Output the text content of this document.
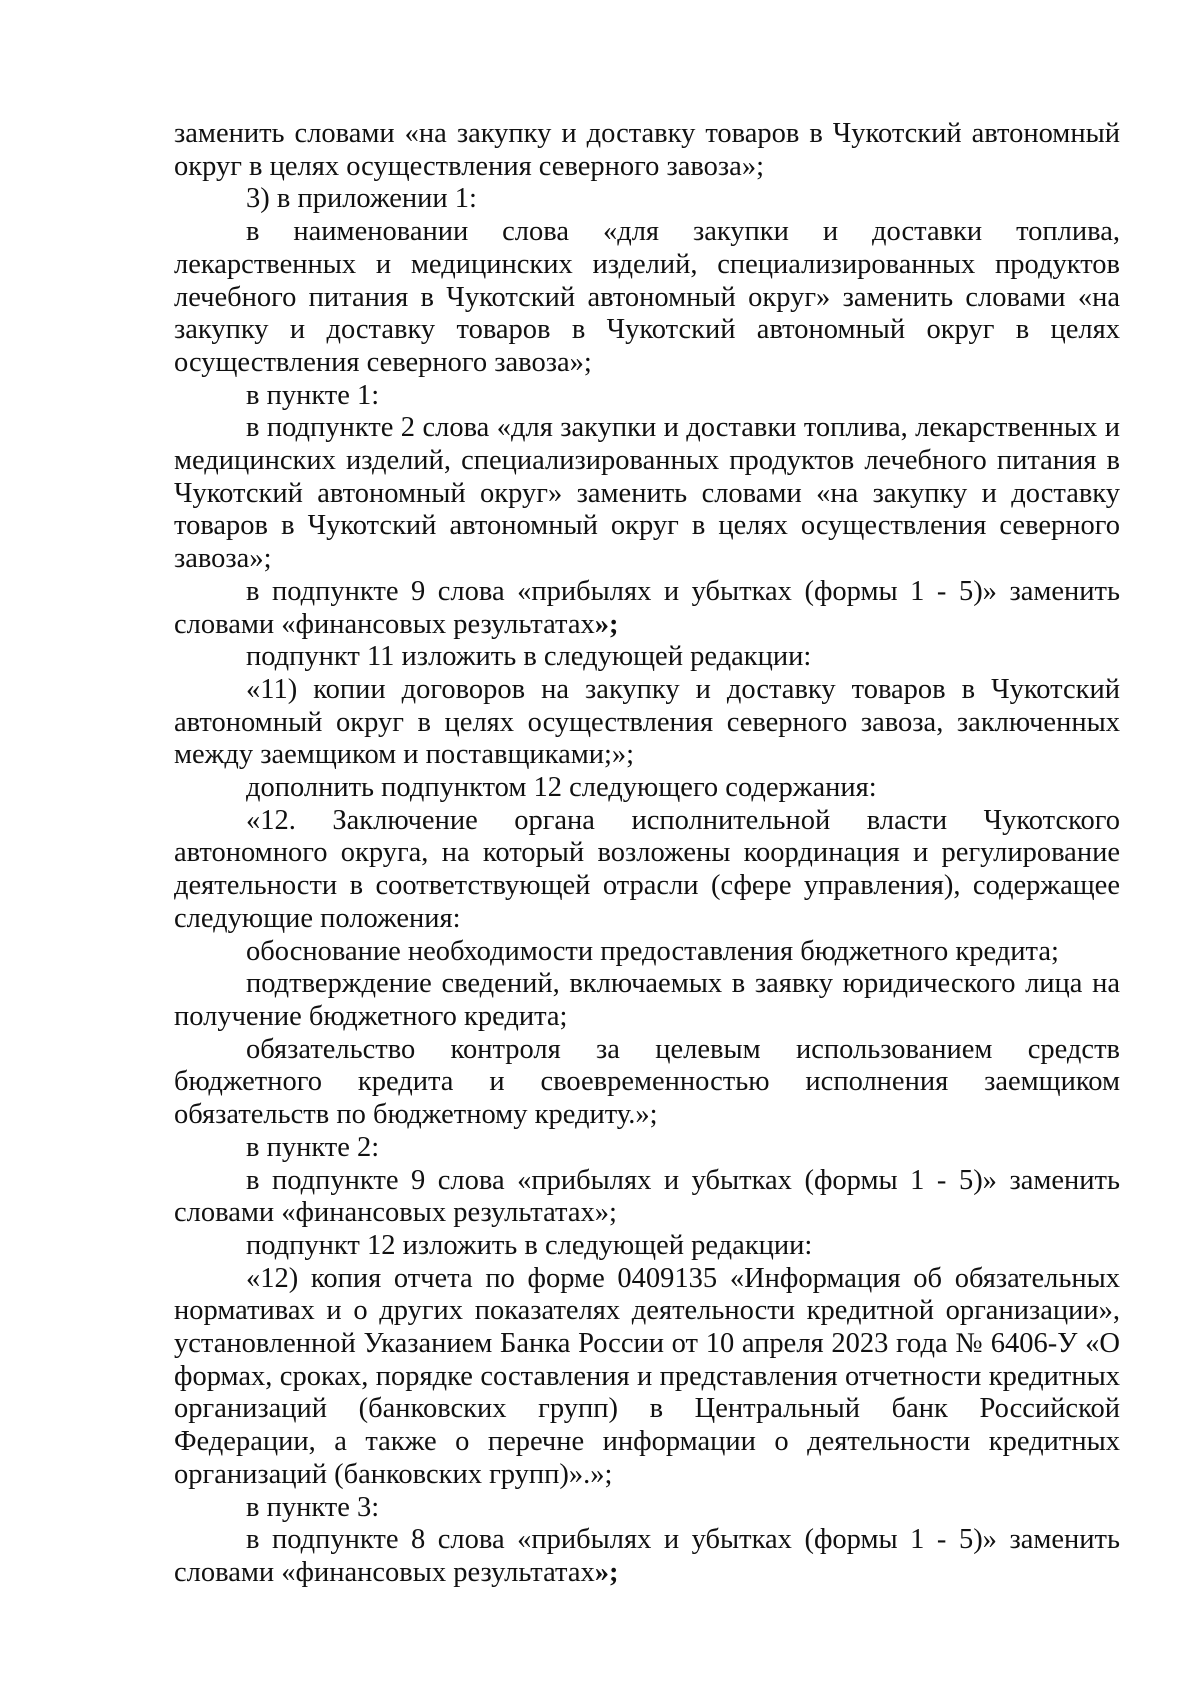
заменить словами «на закупку и доставку товаров в Чукотский автономный округ в целях осуществления северного завоза»;

3) в приложении 1:

в наименовании слова «для закупки и доставки топлива, лекарственных и медицинских изделий, специализированных продуктов лечебного питания в Чукотский автономный округ» заменить словами «на закупку и доставку товаров в Чукотский автономный округ в целях осуществления северного завоза»;

в пункте 1:

в подпункте 2 слова «для закупки и доставки топлива, лекарственных и медицинских изделий, специализированных продуктов лечебного питания в Чукотский автономный округ» заменить словами «на закупку и доставку товаров в Чукотский автономный округ в целях осуществления северного завоза»;

в подпункте 9 слова «прибылях и убытках (формы 1 - 5)» заменить словами «финансовых результатах»;

подпункт 11 изложить в следующей редакции:

«11) копии договоров на закупку и доставку товаров в Чукотский автономный округ в целях осуществления северного завоза, заключенных между заемщиком и поставщиками;»;

дополнить подпунктом 12 следующего содержания:

«12. Заключение органа исполнительной власти Чукотского автономного округа, на который возложены координация и регулирование деятельности в соответствующей отрасли (сфере управления), содержащее следующие положения:

обоснование необходимости предоставления бюджетного кредита;

подтверждение сведений, включаемых в заявку юридического лица на получение бюджетного кредита;

обязательство контроля за целевым использованием средств бюджетного кредита и своевременностью исполнения заемщиком обязательств по бюджетному кредиту.»;

в пункте 2:

в подпункте 9 слова «прибылях и убытках (формы 1 - 5)» заменить словами «финансовых результатах»;

подпункт 12 изложить в следующей редакции:

«12) копия отчета по форме 0409135 «Информация об обязательных нормативах и о других показателях деятельности кредитной организации», установленной Указанием Банка России от 10 апреля 2023 года № 6406-У «О формах, сроках, порядке составления и представления отчетности кредитных организаций (банковских групп) в Центральный банк Российской Федерации, а также о перечне информации о деятельности кредитных организаций (банковских групп)».»;

в пункте 3:

в подпункте 8 слова «прибылях и убытках (формы 1 - 5)» заменить словами «финансовых результатах»;
